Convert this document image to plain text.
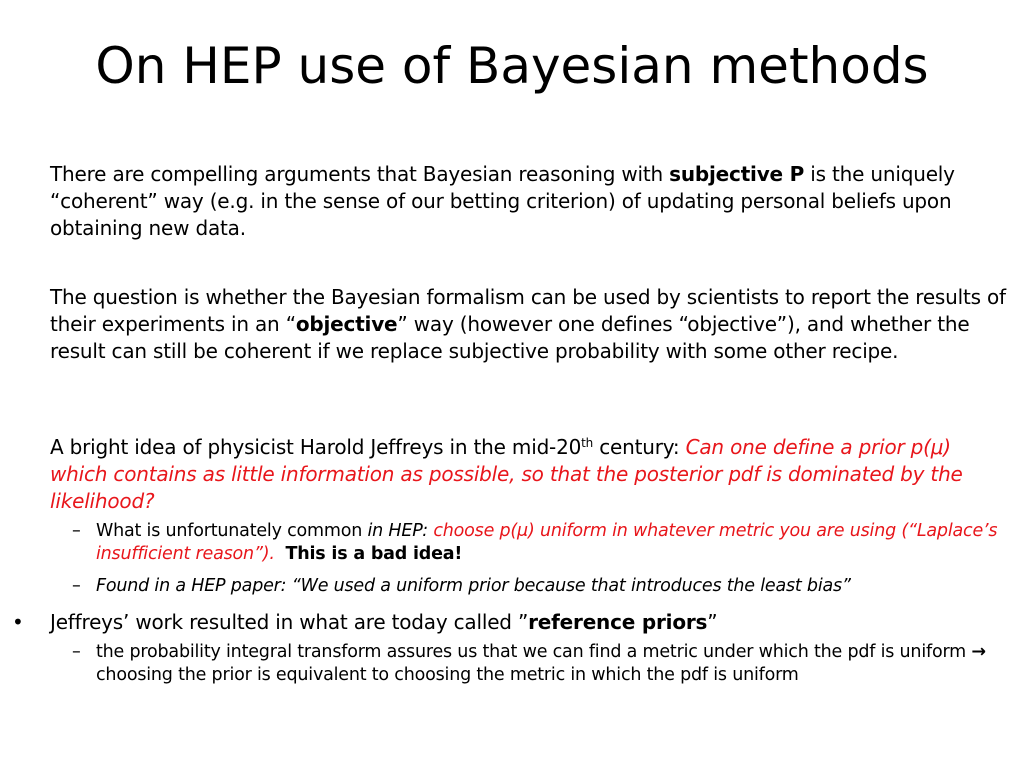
On HEP use of Bayesian methods
There are compelling arguments that Bayesian reasoning with subjective P is the uniquely “coherent” way (e.g. in the sense of our betting criterion) of updating personal beliefs upon obtaining new data.
The question is whether the Bayesian formalism can be used by scientists to report the results of their experiments in an “objective” way (however one defines “objective”), and whether the result can still be coherent if we replace subjective probability with some other recipe.
A bright idea of physicist Harold Jeffreys in the mid-20th century: Can one define a prior p(μ) which contains as little information as possible, so that the posterior pdf is dominated by the likelihood?
– What is unfortunately common in HEP: choose p(μ) uniform in whatever metric you are using (“Laplace’s insufficient reason”). This is a bad idea!
– Found in a HEP paper: “We used a uniform prior because that introduces the least bias”
• Jeffreys’ work resulted in what are today called ”reference priors”
– the probability integral transform assures us that we can find a metric under which the pdf is uniform → choosing the prior is equivalent to choosing the metric in which the pdf is uniform
